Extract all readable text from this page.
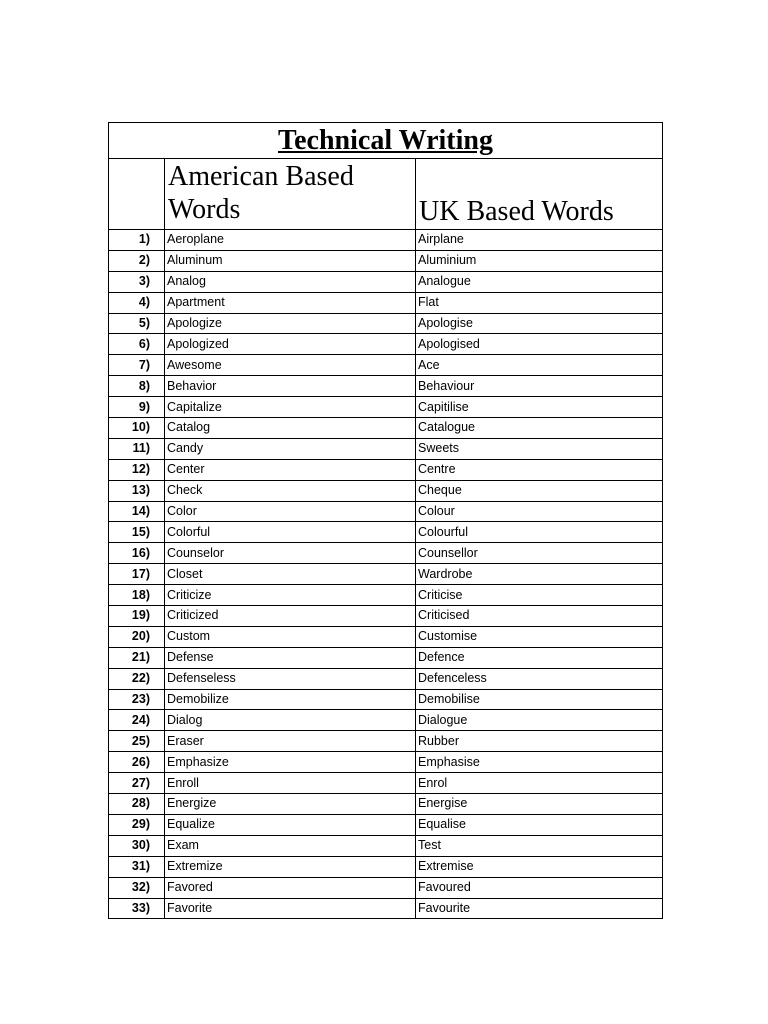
Technical Writing		
	American Based Words	UK Based Words
1)	Aeroplane	Airplane
2)	Aluminum	Aluminium
3)	Analog	Analogue
4)	Apartment	Flat
5)	Apologize	Apologise
6)	Apologized	Apologised
7)	Awesome	Ace
8)	Behavior	Behaviour
9)	Capitalize	Capitilise
10)	Catalog	Catalogue
11)	Candy	Sweets
12)	Center	Centre
13)	Check	Cheque
14)	Color	Colour
15)	Colorful	Colourful
16)	Counselor	Counsellor
17)	Closet	Wardrobe
18)	Criticize	Criticise
19)	Criticized	Criticised
20)	Custom	Customise
21)	Defense	Defence
22)	Defenseless	Defenceless
23)	Demobilize	Demobilise
24)	Dialog	Dialogue
25)	Eraser	Rubber
26)	Emphasize	Emphasise
27)	Enroll	Enrol
28)	Energize	Energise
29)	Equalize	Equalise
30)	Exam	Test
31)	Extremize	Extremise
32)	Favored	Favoured
33)	Favorite	Favourite
